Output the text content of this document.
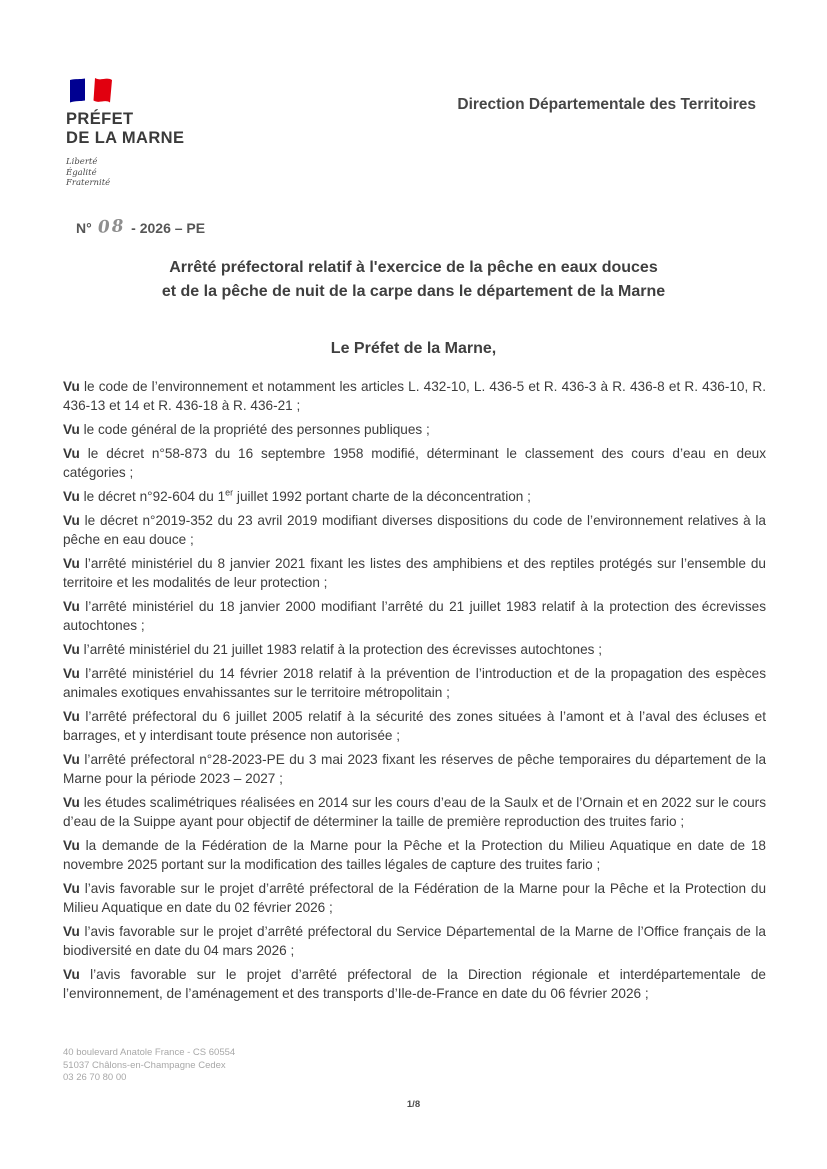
PRÉFET
DE LA MARNE
Liberté
Égalité
Fraternité
Direction Départementale des Territoires
N° 08 - 2026 – PE
Arrêté préfectoral relatif à l'exercice de la pêche en eaux douces
et de la pêche de nuit de la carpe dans le département de la Marne
Le Préfet de la Marne,

Vu le code de l’environnement et notamment les articles L. 432-10, L. 436-5 et R. 436-3 à R. 436-8 et R. 436-10, R. 436-13 et 14 et R. 436-18 à R. 436-21 ;

Vu le code général de la propriété des personnes publiques ;

Vu le décret n°58-873 du 16 septembre 1958 modifié, déterminant le classement des cours d’eau en deux catégories ;

Vu le décret n°92-604 du 1er juillet 1992 portant charte de la déconcentration ;

Vu le décret n°2019-352 du 23 avril 2019 modifiant diverses dispositions du code de l’environnement relatives à la pêche en eau douce ;

Vu l’arrêté ministériel du 8 janvier 2021 fixant les listes des amphibiens et des reptiles protégés sur l’ensemble du territoire et les modalités de leur protection ;

Vu l’arrêté ministériel du 18 janvier 2000 modifiant l’arrêté du 21 juillet 1983 relatif à la protection des écrevisses autochtones ;

Vu l’arrêté ministériel du 21 juillet 1983 relatif à la protection des écrevisses autochtones ;

Vu l’arrêté ministériel du 14 février 2018 relatif à la prévention de l’introduction et de la propagation des espèces animales exotiques envahissantes sur le territoire métropolitain ;

Vu l’arrêté préfectoral du 6 juillet 2005 relatif à la sécurité des zones situées à l’amont et à l’aval des écluses et barrages, et y interdisant toute présence non autorisée ;

Vu l’arrêté préfectoral n°28-2023-PE du 3 mai 2023 fixant les réserves de pêche temporaires du département de la Marne pour la période 2023 – 2027 ;

Vu les études scalimétriques réalisées en 2014 sur les cours d’eau de la Saulx et de l’Ornain et en 2022 sur le cours d’eau de la Suippe ayant pour objectif de déterminer la taille de première reproduction des truites fario ;

Vu la demande de la Fédération de la Marne pour la Pêche et la Protection du Milieu Aquatique en date de 18 novembre 2025 portant sur la modification des tailles légales de capture des truites fario ;

Vu l’avis favorable sur le projet d’arrêté préfectoral de la Fédération de la Marne pour la Pêche et la Protection du Milieu Aquatique en date du 02 février 2026 ;

Vu l’avis favorable sur le projet d’arrêté préfectoral du Service Départemental de la Marne de l’Office français de la biodiversité en date du 04 mars 2026 ;

Vu l’avis favorable sur le projet d’arrêté préfectoral de la Direction régionale et interdépartementale de l’environnement, de l’aménagement et des transports d’Ile-de-France en date du 06 février 2026 ;

40 boulevard Anatole France - CS 60554
51037 Châlons-en-Champagne Cedex
03 26 70 80 00
1/8
